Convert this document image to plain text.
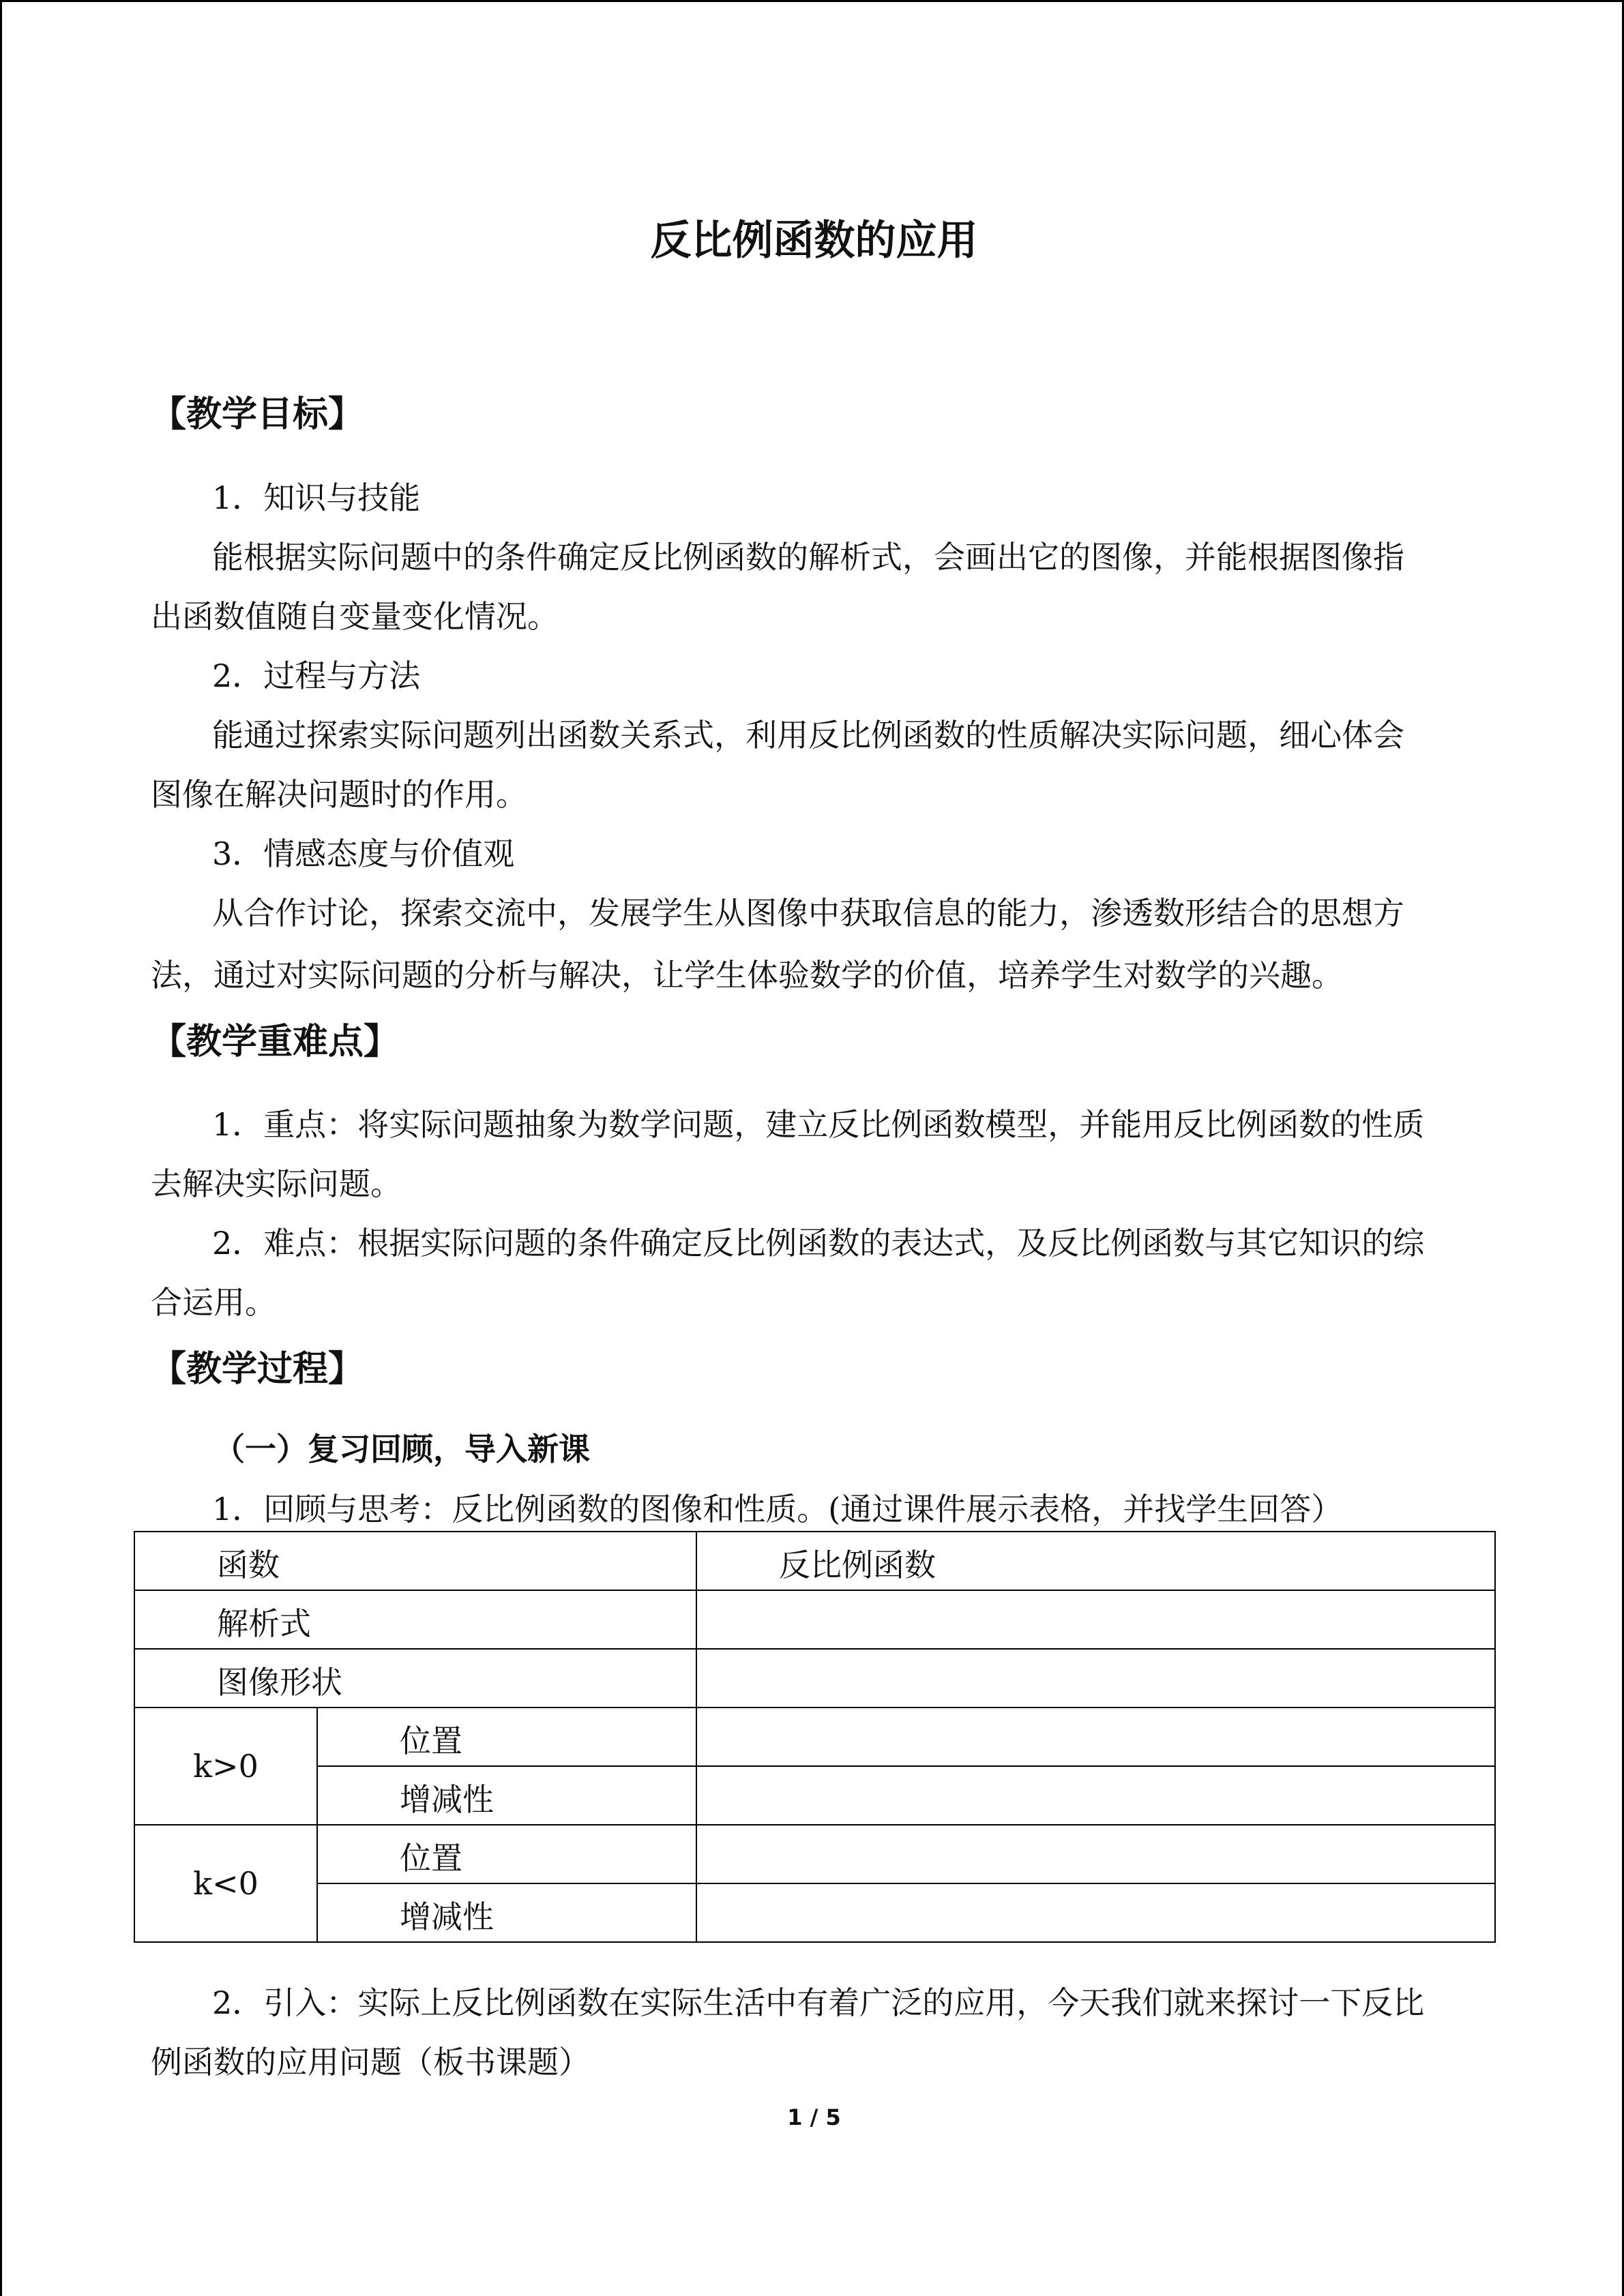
反比例函数的应用
【教学目标】
1．知识与技能
能根据实际问题中的条件确定反比例函数的解析式，会画出它的图像，并能根据图像指
出函数值随自变量变化情况。
2．过程与方法
能通过探索实际问题列出函数关系式，利用反比例函数的性质解决实际问题，细心体会
图像在解决问题时的作用。
3．情感态度与价值观
从合作讨论，探索交流中，发展学生从图像中获取信息的能力，渗透数形结合的思想方
法，通过对实际问题的分析与解决，让学生体验数学的价值，培养学生对数学的兴趣。
【教学重难点】
1．重点：将实际问题抽象为数学问题，建立反比例函数模型，并能用反比例函数的性质
去解决实际问题。
2．难点：根据实际问题的条件确定反比例函数的表达式，及反比例函数与其它知识的综
合运用。
【教学过程】
（一）复习回顾，导入新课
1．回顾与思考：反比例函数的图像和性质。(通过课件展示表格，并找学生回答）
函数		反比例函数

解析式		

图像形状		

k>0	位置	

	增减性	

k<0	位置	

	增减性	

2．引入：实际上反比例函数在实际生活中有着广泛的应用，今天我们就来探讨一下反比
例函数的应用问题（板书课题）
1 / 5
